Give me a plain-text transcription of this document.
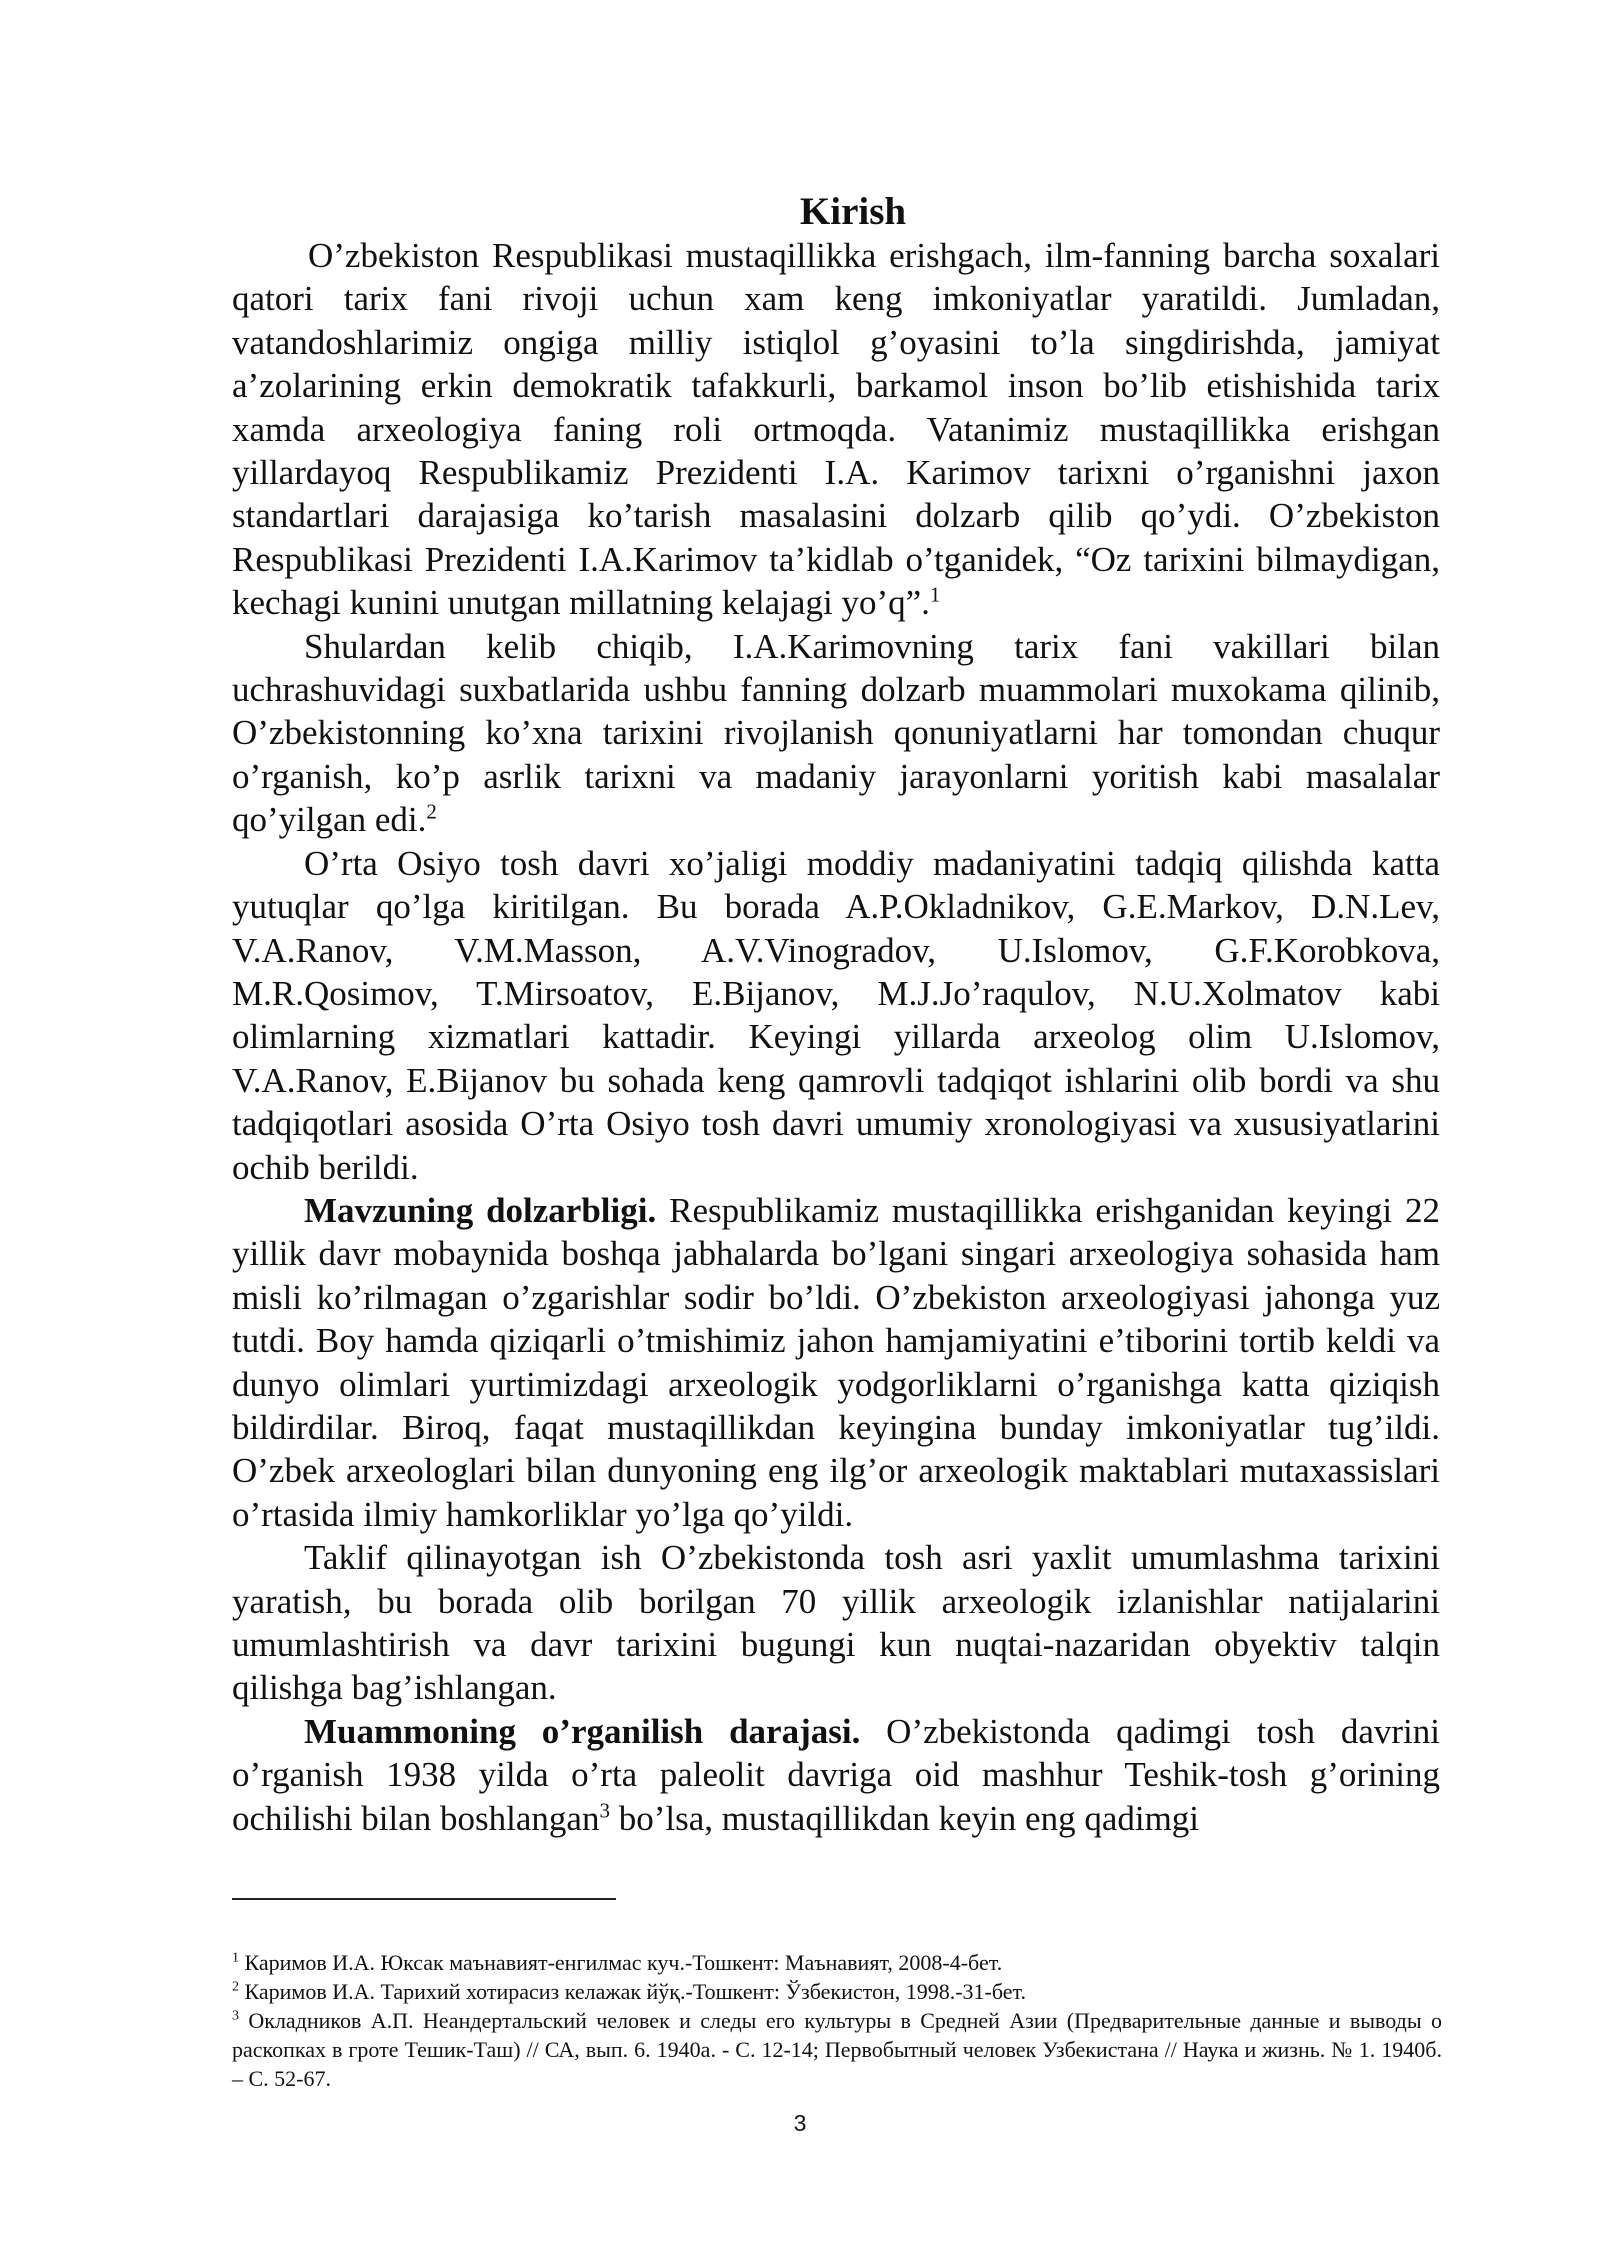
Kirish

O’zbekiston Respublikasi mustaqillikka erishgach, ilm-fanning barcha soxalari qatori tarix fani rivoji uchun xam keng imkoniyatlar yaratildi. Jumladan, vatandoshlarimiz ongiga milliy istiqlol g’oyasini to’la singdirishda, jamiyat a’zolarining erkin demokratik tafakkurli, barkamol inson bo’lib etishishida tarix xamda arxeologiya faning roli ortmoqda. Vatanimiz mustaqillikka erishgan yillardayoq Respublikamiz Prezidenti I.A. Karimov tarixni o’rganishni jaxon standartlari darajasiga ko’tarish masalasini dolzarb qilib qo’ydi. O’zbekiston Respublikasi Prezidenti I.A.Karimov ta’kidlab o’tganidek, “Oz tarixini bilmaydigan, kechagi kunini unutgan millatning kelajagi yo’q”.$^1$

Shulardan kelib chiqib, I.A.Karimovning tarix fani vakillari bilan uchrashuvidagi suxbatlarida ushbu fanning dolzarb muammolari muxokama qilinib, O’zbekistonning ko’xna tarixini rivojlanish qonuniyatlarni har tomondan chuqur o’rganish, ko’p asrlik tarixni va madaniy jarayonlarni yoritish kabi masalalar qo’yilgan edi.$^2$

O’rta Osiyo tosh davri xo’jaligi moddiy madaniyatini tadqiq qilishda katta yutuqlar qo’lga kiritilgan. Bu borada A.P.Okladnikov, G.E.Markov, D.N.Lev, V.A.Ranov, V.M.Masson, A.V.Vinogradov, U.Islomov, G.F.Korobkova, M.R.Qosimov, T.Mirsoatov, E.Bijanov, M.J.Jo’raqulov, N.U.Xolmatov kabi olimlarning xizmatlari kattadir. Keyingi yillarda arxeolog olim U.Islomov, V.A.Ranov, E.Bijanov bu sohada keng qamrovli tadqiqot ishlarini olib bordi va shu tadqiqotlari asosida O’rta Osiyo tosh davri umumiy xronologiyasi va xususiyatlarini ochib berildi.

Mavzuning dolzarbligi. Respublikamiz mustaqillikka erishganidan keyingi 22 yillik davr mobaynida boshqa jabhalarda bo’lgani singari arxeologiya sohasida ham misli ko’rilmagan o’zgarishlar sodir bo’ldi. O’zbekiston arxeologiyasi jahonga yuz tutdi. Boy hamda qiziqarli o’tmishimiz jahon hamjamiyatini e’tiborini tortib keldi va dunyo olimlari yurtimizdagi arxeologik yodgorliklarni o’rganishga katta qiziqish bildirdilar. Biroq, faqat mustaqillikdan keyingina bunday imkoniyatlar tug’ildi. O’zbek arxeologlari bilan dunyoning eng ilg’or arxeologik maktablari mutaxassislari o’rtasida ilmiy hamkorliklar yo’lga qo’yildi.

Taklif qilinayotgan ish O’zbekistonda tosh asri yaxlit umumlashma tarixini yaratish, bu borada olib borilgan 70 yillik arxeologik izlanishlar natijalarini umumlashtirish va davr tarixini bugungi kun nuqtai-nazaridan obyektiv talqin qilishga bag’ishlangan.

Muammoning o’rganilish darajasi. O’zbekistonda qadimgi tosh davrini o’rganish 1938 yilda o’rta paleolit davriga oid mashhur Teshik-tosh g’orining ochilishi bilan boshlangan$^3$ bo’lsa, mustaqillikdan keyin eng qadimgi

$^1$ Каримов И.А. Юксак маънавият-енгилмас куч.-Тошкент: Маънавият, 2008-4-бет.

$^2$ Каримов И.А. Тарихий хотирасиз келажак йўқ.-Тошкент: Ўзбекистон, 1998.-31-бет.

$^3$ Окладников А.П. Неандертальский человек и следы его культуры в Средней Азии (Предварительные данные и выводы о раскопках в гроте Тешик-Таш) // СА, вып. 6. 1940а. - С. 12-14; Первобытный человек Узбекистана // Наука и жизнь. № 1. 1940б. – С. 52-67.

3
